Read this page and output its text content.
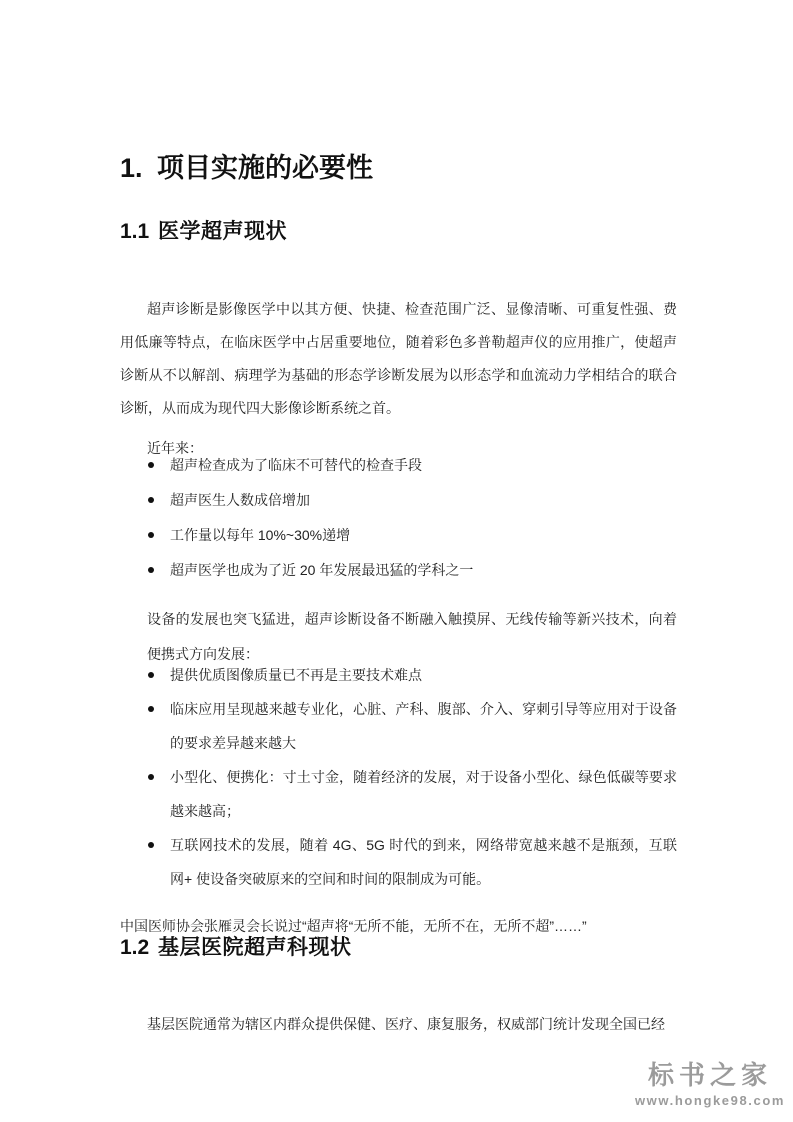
1. 项目实施的必要性
1.1 医学超声现状

超声诊断是影像医学中以其方便、快捷、检查范围广泛、显像清晰、可重复性强、费用低廉等特点，在临床医学中占居重要地位，随着彩色多普勒超声仪的应用推广，使超声诊断从不以解剖、病理学为基础的形态学诊断发展为以形态学和血流动力学相结合的联合诊断，从而成为现代四大影像诊断系统之首。

近年来：

超声检查成为了临床不可替代的检查手段
超声医生人数成倍增加
工作量以每年 10%~30%递增
超声医学也成为了近 20 年发展最迅猛的学科之一

设备的发展也突飞猛进，超声诊断设备不断融入触摸屏、无线传输等新兴技术，向着便携式方向发展：

提供优质图像质量已不再是主要技术难点
临床应用呈现越来越专业化，心脏、产科、腹部、介入、穿刺引导等应用对于设备的要求差异越来越大
小型化、便携化：寸土寸金，随着经济的发展，对于设备小型化、绿色低碳等要求越来越高；
互联网技术的发展，随着 4G、5G 时代的到来，网络带宽越来越不是瓶颈，互联网+ 使设备突破原来的空间和时间的限制成为可能。

中国医师协会张雁灵会长说过“超声将“无所不能，无所不在，无所不超”……”

1.2 基层医院超声科现状

基层医院通常为辖区内群众提供保健、医疗、康复服务，权威部门统计发现全国已经

标书之家
www.hongke98.com
